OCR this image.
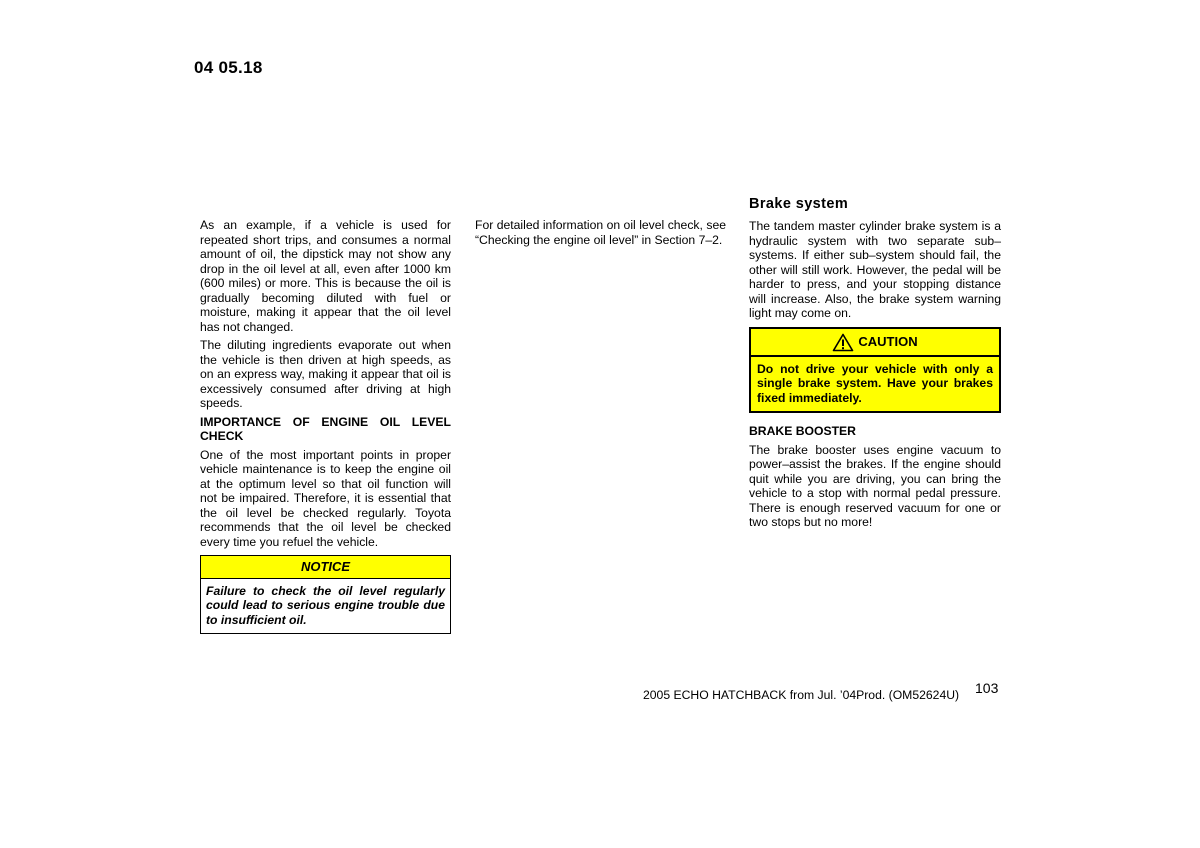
04 05.18

As an example, if a vehicle is used for repeated short trips, and consumes a normal amount of oil, the dipstick may not show any drop in the oil level at all, even after 1000 km (600 miles) or more. This is because the oil is gradually becoming diluted with fuel or moisture, making it appear that the oil level has not changed.

The diluting ingredients evaporate out when the vehicle is then driven at high speeds, as on an express way, making it appear that oil is excessively consumed after driving at high speeds.

IMPORTANCE OF ENGINE OIL LEVEL CHECK

One of the most important points in proper vehicle maintenance is to keep the engine oil at the optimum level so that oil function will not be impaired. Therefore, it is essential that the oil level be checked regularly. Toyota recommends that the oil level be checked every time you refuel the vehicle.

NOTICE
Failure to check the oil level regularly could lead to serious engine trouble due to insufficient oil.

For detailed information on oil level check, see “Checking the engine oil level” in Section 7–2.

Brake system

The tandem master cylinder brake system is a hydraulic system with two separate sub–systems. If either sub–system should fail, the other will still work. However, the pedal will be harder to press, and your stopping distance will increase. Also, the brake system warning light may come on.

CAUTION
Do not drive your vehicle with only a single brake system. Have your brakes fixed immediately.
BRAKE BOOSTER

The brake booster uses engine vacuum to power–assist the brakes. If the engine should quit while you are driving, you can bring the vehicle to a stop with normal pedal pressure. There is enough reserved vacuum for one or two stops but no more!

2005 ECHO HATCHBACK from Jul. ’04Prod. (OM52624U) 103
